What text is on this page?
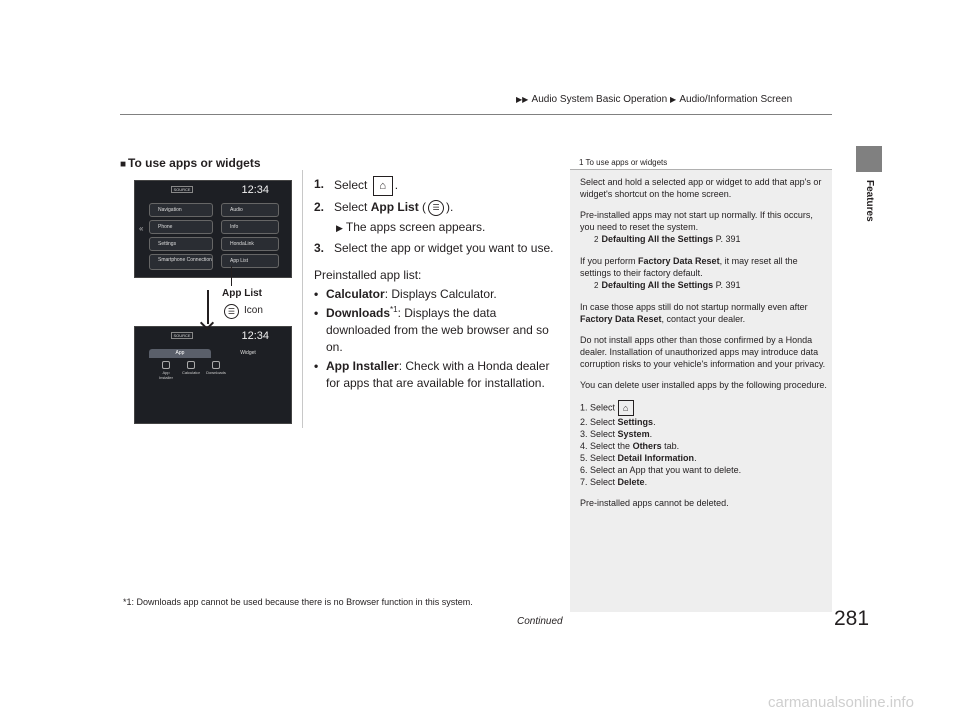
▶▶ Audio System Basic Operation ▶ Audio/Information Screen
Features
■ To use apps or widgets
SOURCE	12:34
«
Navigation	Audio
Phone	Info
Settings	HondaLink
Smartphone Connection	App List
SOURCE	12:34
App	Widget
App Installer
Calculator	Downloads
App List
☰ Icon
1. Select ⌂ .
2. Select App List ( ☰ ).
▶ The apps screen appears.
3. Select the app or widget you want to use.
Preinstalled app list:
• Calculator: Displays Calculator.
• Downloads$^{*1}$: Displays the data downloaded from the web browser and so on.
• App Installer: Check with a Honda dealer for apps that are available for installation.
*1: Downloads app cannot be used because there is no Browser function in this system.
1 To use apps or widgets

Select and hold a selected app or widget to add that app's or widget's shortcut on the home screen.

Pre-installed apps may not start up normally. If this occurs, you need to reset the system.
2 Defaulting All the Settings P. 391

If you perform Factory Data Reset, it may reset all the settings to their factory default.
2 Defaulting All the Settings P. 391

In case those apps still do not startup normally even after Factory Data Reset, contact your dealer.

Do not install apps other than those confirmed by a Honda dealer. Installation of unauthorized apps may introduce data corruption risks to your vehicle's information and your privacy.

You can delete user installed apps by the following procedure.

1. Select ⌂
2. Select Settings.
3. Select System.
4. Select the Others tab.
5. Select Detail Information.
6. Select an App that you want to delete.
7. Select Delete.

Pre-installed apps cannot be deleted.

Continued	281
carmanualsonline.info
